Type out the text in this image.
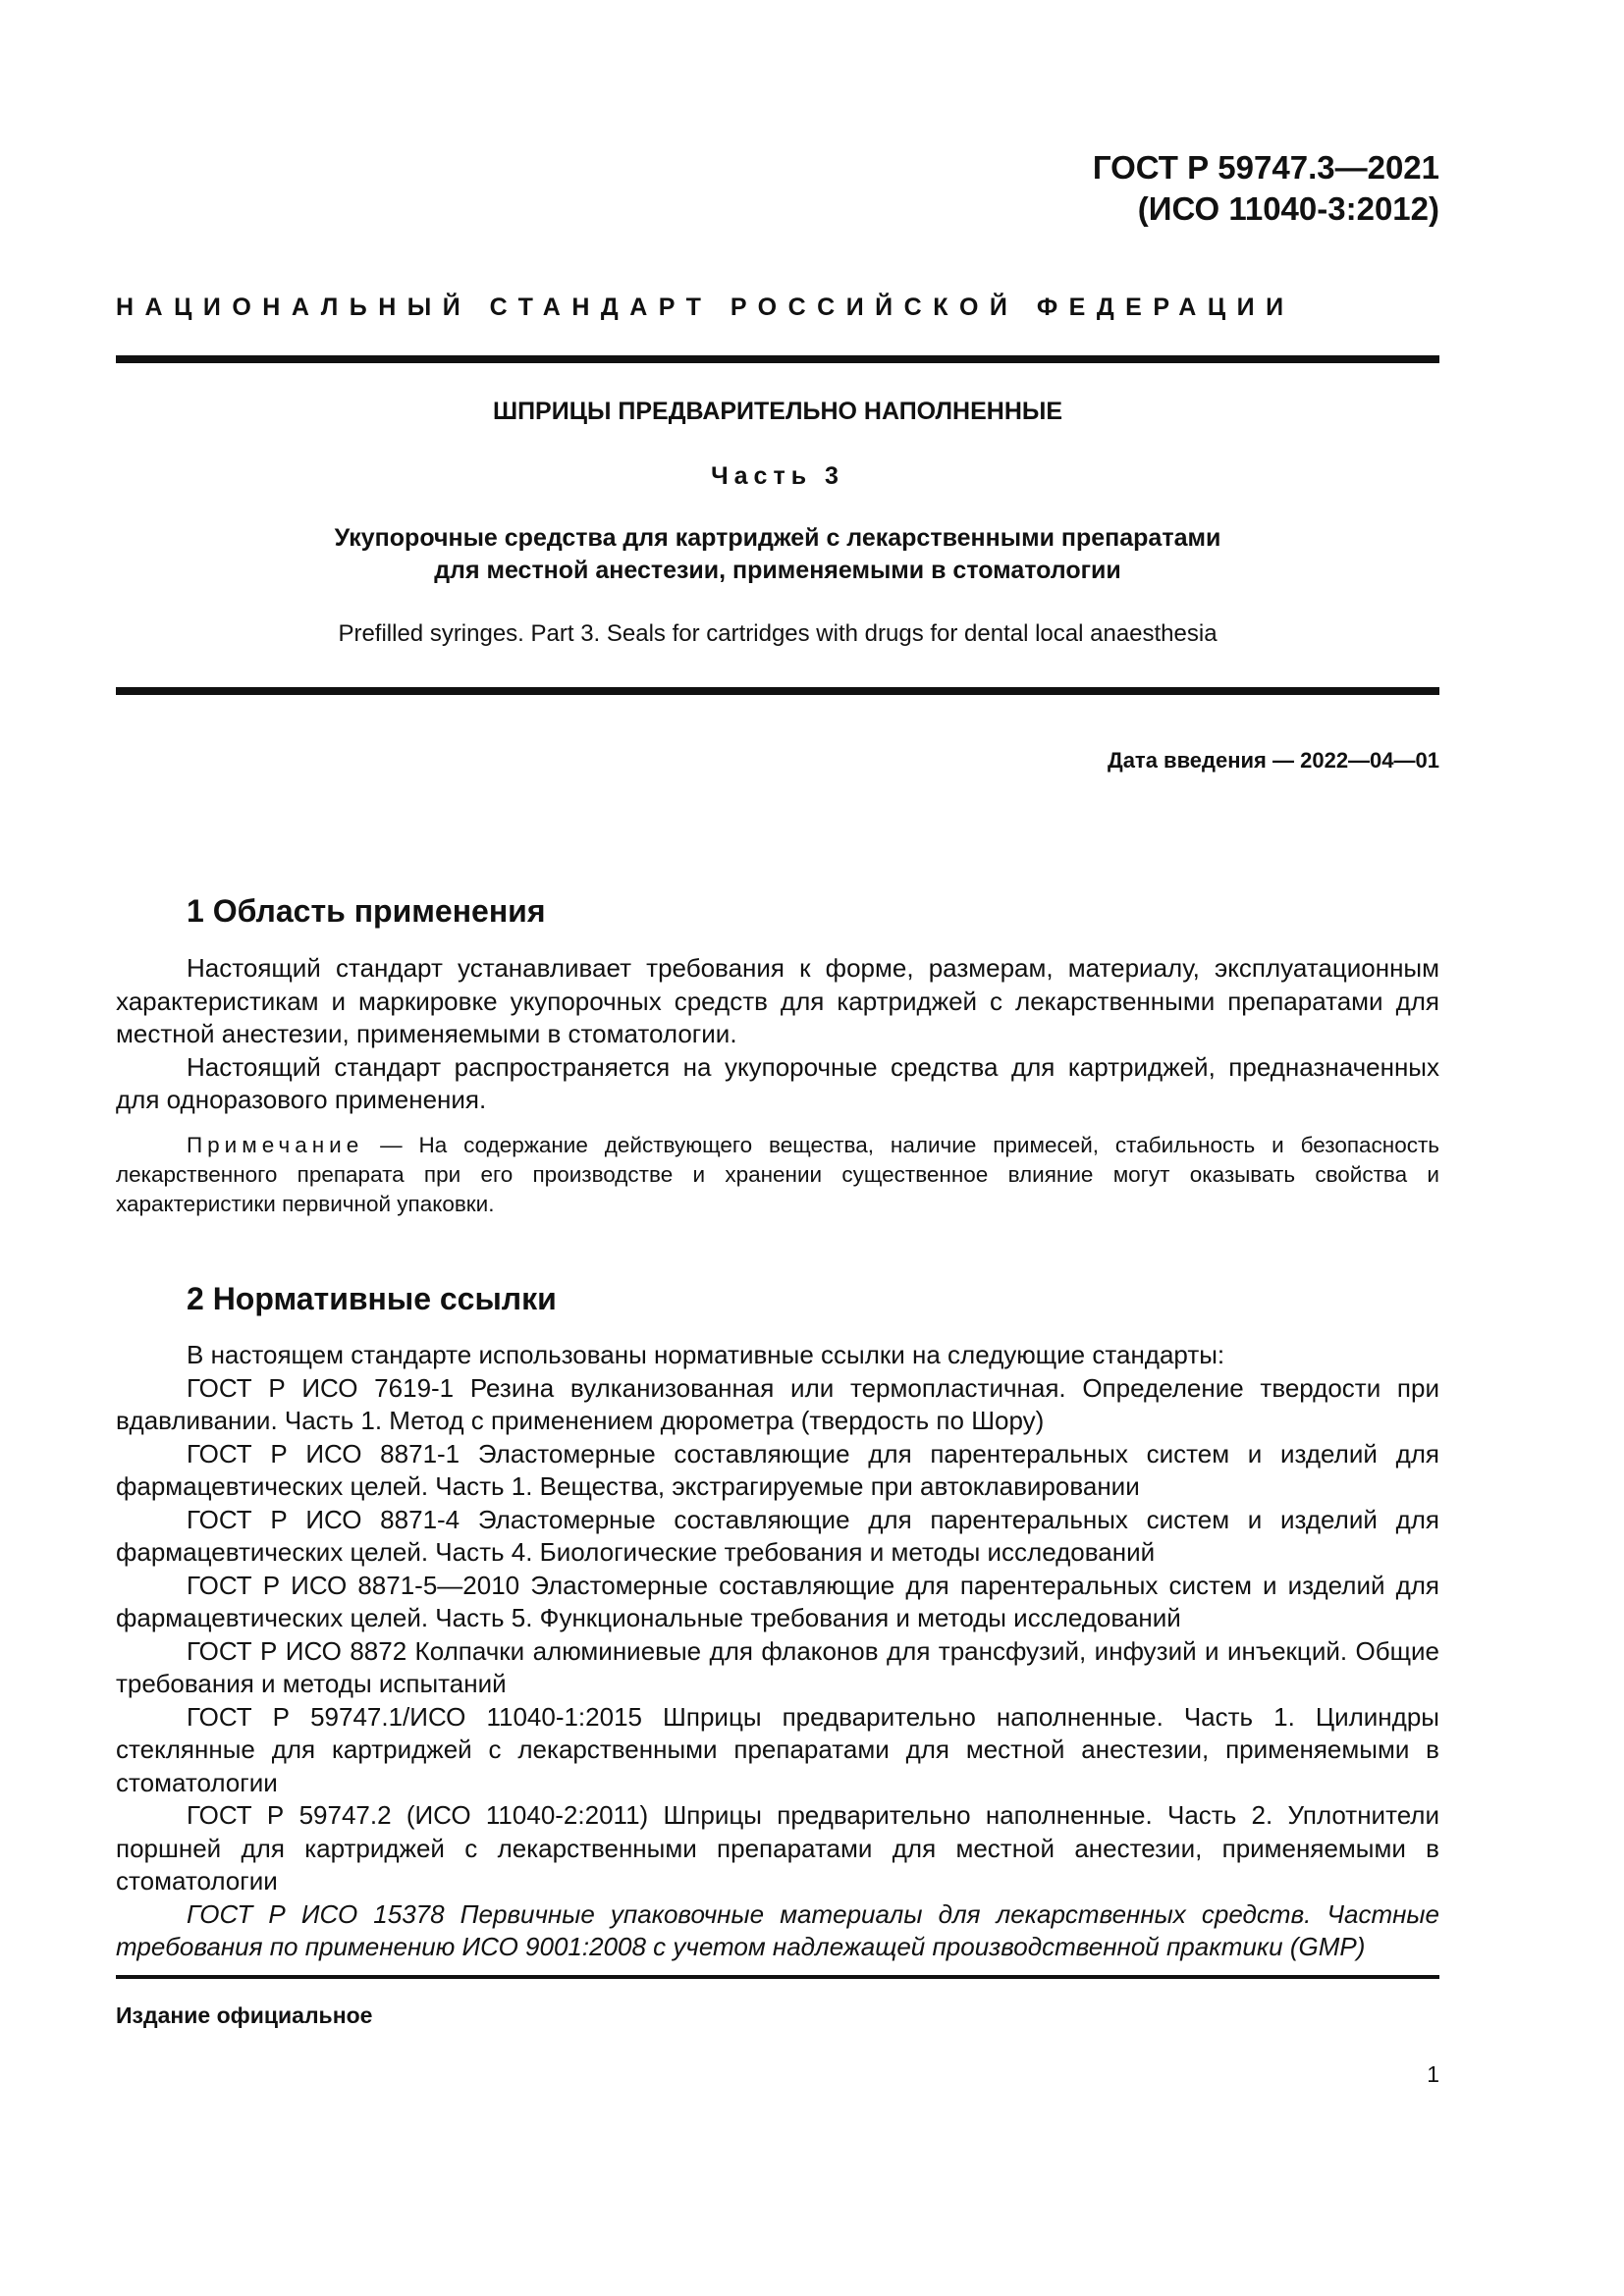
ГОСТ Р 59747.3—2021
(ИСО 11040-3:2012)
НАЦИОНАЛЬНЫЙ СТАНДАРТ РОССИЙСКОЙ ФЕДЕРАЦИИ
ШПРИЦЫ ПРЕДВАРИТЕЛЬНО НАПОЛНЕННЫЕ
Часть 3
Укупорочные средства для картриджей с лекарственными препаратами
для местной анестезии, применяемыми в стоматологии
Prefilled syringes. Part 3. Seals for cartridges with drugs for dental local anaesthesia
Дата введения — 2022—04—01
1 Область применения

Настоящий стандарт устанавливает требования к форме, размерам, материалу, эксплуатационным характеристикам и маркировке укупорочных средств для картриджей с лекарственными препаратами для местной анестезии, применяемыми в стоматологии.

Настоящий стандарт распространяется на укупорочные средства для картриджей, предназначенных для одноразового применения.

Примечание — На содержание действующего вещества, наличие примесей, стабильность и безопасность лекарственного препарата при его производстве и хранении существенное влияние могут оказывать свойства и характеристики первичной упаковки.

2 Нормативные ссылки

В настоящем стандарте использованы нормативные ссылки на следующие стандарты:

ГОСТ Р ИСО 7619-1 Резина вулканизованная или термопластичная. Определение твердости при вдавливании. Часть 1. Метод с применением дюрометра (твердость по Шору)

ГОСТ Р ИСО 8871-1 Эластомерные составляющие для парентеральных систем и изделий для фармацевтических целей. Часть 1. Вещества, экстрагируемые при автоклавировании

ГОСТ Р ИСО 8871-4 Эластомерные составляющие для парентеральных систем и изделий для фармацевтических целей. Часть 4. Биологические требования и методы исследований

ГОСТ Р ИСО 8871-5—2010 Эластомерные составляющие для парентеральных систем и изделий для фармацевтических целей. Часть 5. Функциональные требования и методы исследований

ГОСТ Р ИСО 8872 Колпачки алюминиевые для флаконов для трансфузий, инфузий и инъекций. Общие требования и методы испытаний

ГОСТ Р 59747.1/ИСО 11040-1:2015 Шприцы предварительно наполненные. Часть 1. Цилиндры стеклянные для картриджей с лекарственными препаратами для местной анестезии, применяемыми в стоматологии

ГОСТ Р 59747.2 (ИСО 11040-2:2011) Шприцы предварительно наполненные. Часть 2. Уплотнители поршней для картриджей с лекарственными препаратами для местной анестезии, применяемыми в стоматологии

ГОСТ Р ИСО 15378 Первичные упаковочные материалы для лекарственных средств. Частные требования по применению ИСО 9001:2008 с учетом надлежащей производственной практики (GMP)

Издание официальное
1
